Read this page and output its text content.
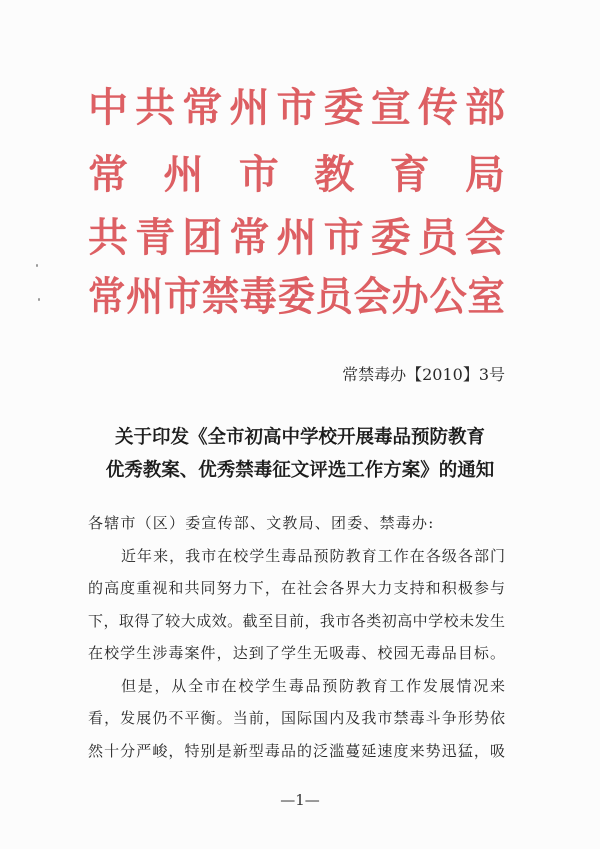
中共常州市委宣传部
常州市教育局
共青团常州市委员会
常州市禁毒委员会办公室
常禁毒办【2010】3号
关于印发《全市初高中学校开展毒品预防教育
优秀教案、优秀禁毒征文评选工作方案》的通知
各辖市（区）委宣传部、文教局、团委、禁毒办:
近年来，我市在校学生毒品预防教育工作在各级各部门
的高度重视和共同努力下，在社会各界大力支持和积极参与
下，取得了较大成效。截至目前，我市各类初高中学校未发生
在校学生涉毒案件，达到了学生无吸毒、校园无毒品目标。
但是，从全市在校学生毒品预防教育工作发展情况来
看，发展仍不平衡。当前，国际国内及我市禁毒斗争形势依
然十分严峻，特别是新型毒品的泛滥蔓延速度来势迅猛，吸
—1—
